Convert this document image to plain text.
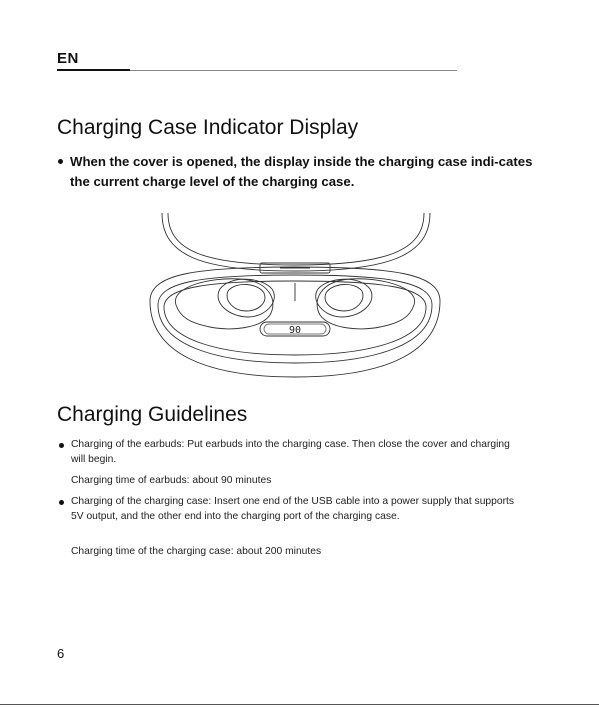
EN
Charging Case Indicator Display

When the cover is opened, the display inside the charging case indi-cates the current charge level of the charging case.

90
Charging Guidelines

Charging of the earbuds: Put earbuds into the charging case. Then close the cover and charging will begin.

Charging time of earbuds: about 90 minutes

Charging of the charging case: Insert one end of the USB cable into a power supply that supports 5V output, and the other end into the charging port of the charging case.

Charging time of the charging case: about 200 minutes

6
